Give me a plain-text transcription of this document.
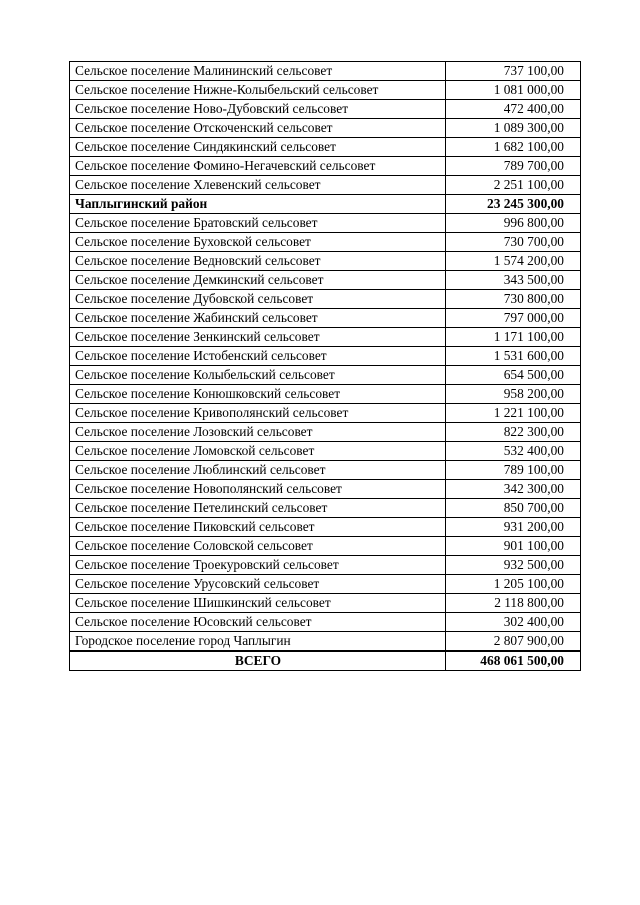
Сельское поселение Малининский сельсовет	737 100,00
Сельское поселение Нижне-Колыбельский сельсовет	1 081 000,00
Сельское поселение Ново-Дубовский сельсовет	472 400,00
Сельское поселение Отскоченский сельсовет	1 089 300,00
Сельское поселение Синдякинский сельсовет	1 682 100,00
Сельское поселение Фомино-Негачевский сельсовет	789 700,00
Сельское поселение Хлевенский сельсовет	2 251 100,00
Чаплыгинский район	23 245 300,00
Сельское поселение Братовский сельсовет	996 800,00
Сельское поселение Буховской сельсовет	730 700,00
Сельское поселение Ведновский сельсовет	1 574 200,00
Сельское поселение Демкинский сельсовет	343 500,00
Сельское поселение Дубовской сельсовет	730 800,00
Сельское поселение Жабинский сельсовет	797 000,00
Сельское поселение Зенкинский сельсовет	1 171 100,00
Сельское поселение Истобенский сельсовет	1 531 600,00
Сельское поселение Колыбельский сельсовет	654 500,00
Сельское поселение Конюшковский сельсовет	958 200,00
Сельское поселение Кривополянский сельсовет	1 221 100,00
Сельское поселение Лозовский сельсовет	822 300,00
Сельское поселение Ломовской сельсовет	532 400,00
Сельское поселение Люблинский сельсовет	789 100,00
Сельское поселение Новополянский сельсовет	342 300,00
Сельское поселение Петелинский сельсовет	850 700,00
Сельское поселение Пиковский сельсовет	931 200,00
Сельское поселение Соловской сельсовет	901 100,00
Сельское поселение Троекуровский сельсовет	932 500,00
Сельское поселение Урусовский сельсовет	1 205 100,00
Сельское поселение Шишкинский сельсовет	2 118 800,00
Сельское поселение Юсовский сельсовет	302 400,00
Городское поселение город Чаплыгин	2 807 900,00
ВСЕГО	468 061 500,00
